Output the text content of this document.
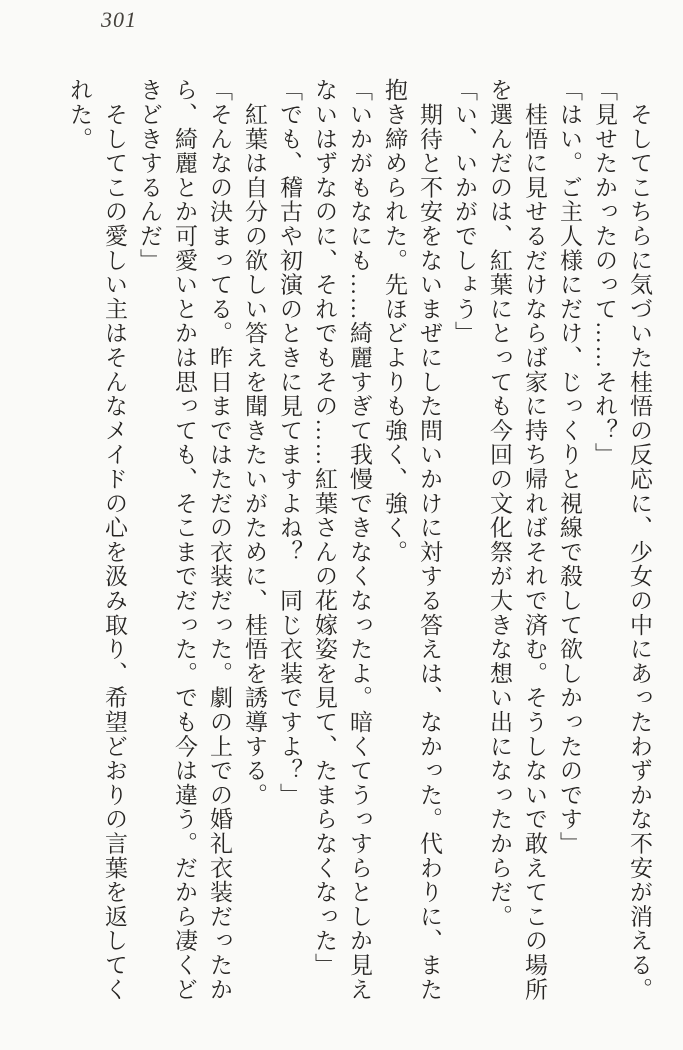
301

　そしてこちらに気づいた桂悟の反応に、少女の中にあったわずかな不安が消える。

「見せたかったのって……それ？」

「はい。ご主人様にだけ、じっくりと視線で殺して欲しかったのです」

　桂悟に見せるだけならば家に持ち帰ればそれで済む。そうしないで敢えてこの場所

を選んだのは、紅葉にとっても今回の文化祭が大きな想い出になったからだ。

「い、いかがでしょう」

　期待と不安をないまぜにした問いかけに対する答えは、なかった。代わりに、また

抱き締められた。先ほどよりも強く、強く。

「いかがもなにも……綺麗すぎて我慢できなくなったよ。暗くてうっすらとしか見え

ないはずなのに、それでもその……紅葉さんの花嫁姿を見て、たまらなくなった」

「でも、稽古や初演のときに見てますよね？　同じ衣装ですよ？」

　紅葉は自分の欲しい答えを聞きたいがために、桂悟を誘導する。

「そんなの決まってる。昨日まではただの衣装だった。劇の上での婚礼衣装だったか

ら、綺麗とか可愛いとかは思っても、そこまでだった。でも今は違う。だから凄くど

きどきするんだ」

　そしてこの愛しい主はそんなメイドの心を汲み取り、希望どおりの言葉を返してく

れた。
